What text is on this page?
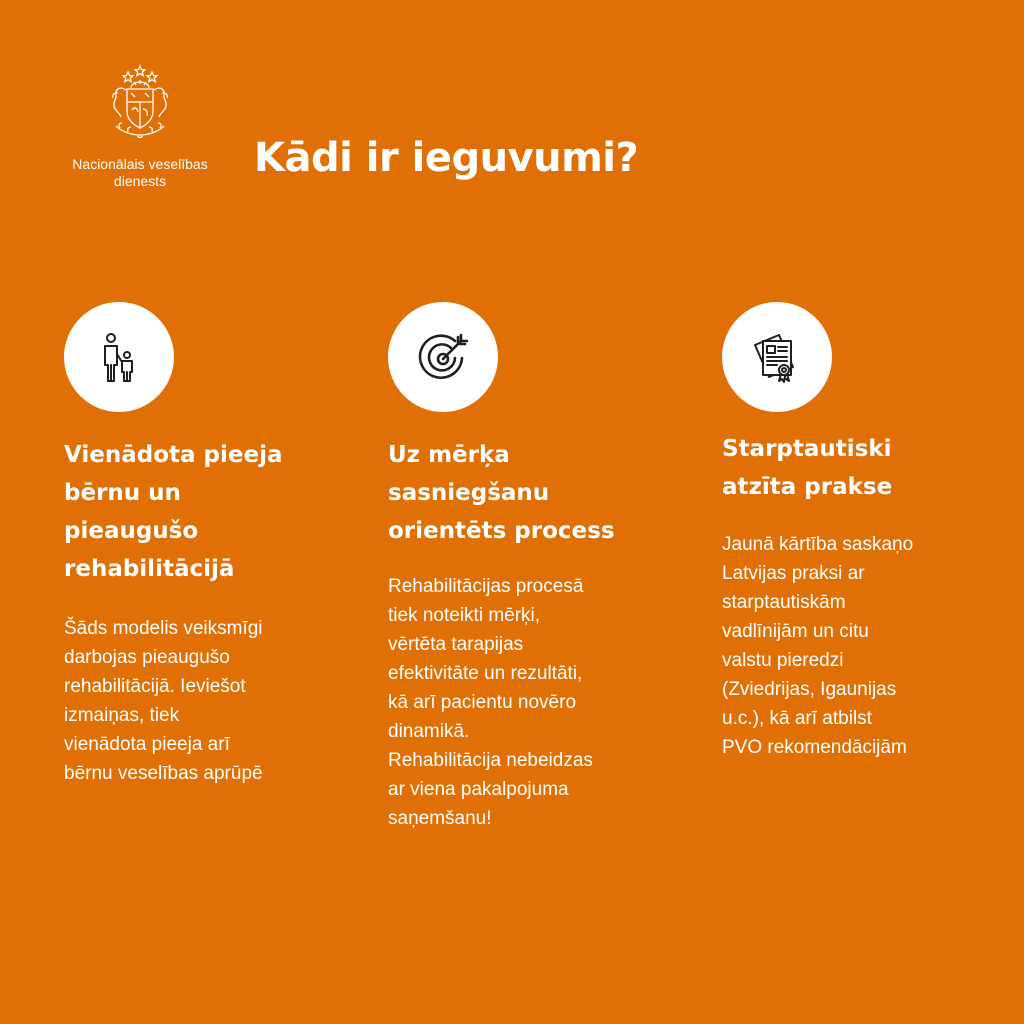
Nacionālais veselības
dienests	Kādi ir ieguvumi?
Vienādota pieeja
bērnu un
pieaugušo
rehabilitācijā

Šāds modelis veiksmīgi
darbojas pieaugušo
rehabilitācijā. Ieviešot
izmaiņas, tiek
vienādota pieeja arī
bērnu veselības aprūpē

Uz mērķa
sasniegšanu
orientēts process

Rehabilitācijas procesā
tiek noteikti mērķi,
vērtēta tarapijas
efektivitāte un rezultāti,
kā arī pacientu novēro
dinamikā.
Rehabilitācija nebeidzas
ar viena pakalpojuma
saņemšanu!

Starptautiski
atzīta prakse

Jaunā kārtība saskaņo
Latvijas praksi ar
starptautiskām
vadlīnijām un citu
valstu pieredzi
(Zviedrijas, Igaunijas
u.c.), kā arī atbilst
PVO rekomendācijām
